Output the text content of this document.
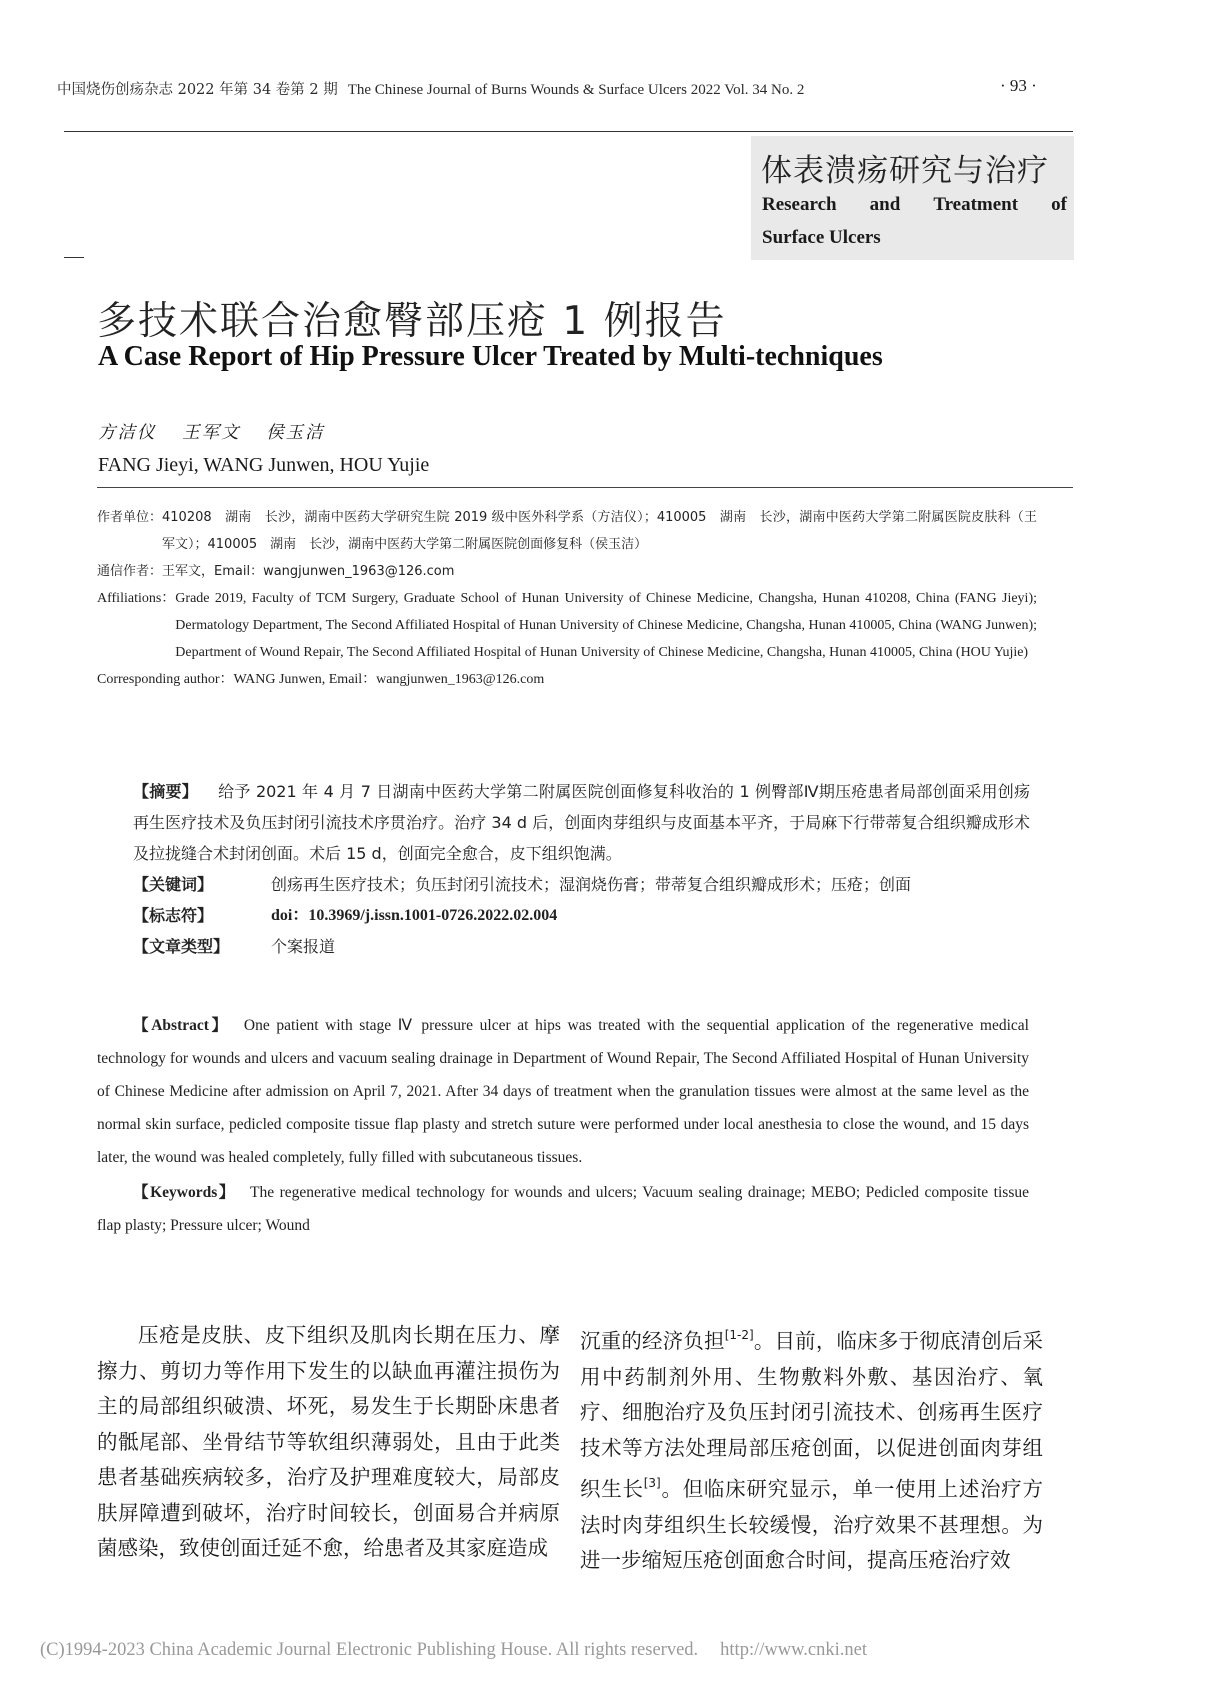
中国烧伤创疡杂志 2022 年第 34 卷第 2 期 The Chinese Journal of Burns Wounds & Surface Ulcers 2022 Vol. 34 No. 2	· 93 ·
体表溃疡研究与治疗
Research and Treatment of
Surface Ulcers
多技术联合治愈臀部压疮 1 例报告
A Case Report of Hip Pressure Ulcer Treated by Multi-techniques
方洁仪 王军文 侯玉洁
FANG Jieyi, WANG Junwen, HOU Yujie
作者单位： 410208　湖南　长沙，湖南中医药大学研究生院 2019 级中医外科学系（方洁仪）；410005　湖南　长沙，湖南中医药大学第二附属医院皮肤科（王军文）；410005　湖南　长沙，湖南中医药大学第二附属医院创面修复科（侯玉洁）
通信作者： 王军文，Email：wangjunwen_1963@126.com
Affiliations： Grade 2019, Faculty of TCM Surgery, Graduate School of Hunan University of Chinese Medicine, Changsha, Hunan 410208, China (FANG Jieyi); Dermatology Department, The Second Affiliated Hospital of Hunan University of Chinese Medicine, Changsha, Hunan 410005, China (WANG Junwen); Department of Wound Repair, The Second Affiliated Hospital of Hunan University of Chinese Medicine, Changsha, Hunan 410005, China (HOU Yujie)
Corresponding author： WANG Junwen, Email：wangjunwen_1963@126.com

【摘要】 给予 2021 年 4 月 7 日湖南中医药大学第二附属医院创面修复科收治的 1 例臀部Ⅳ期压疮患者局部创面采用创疡再生医疗技术及负压封闭引流技术序贯治疗。治疗 34 d 后，创面肉芽组织与皮面基本平齐，于局麻下行带蒂复合组织瓣成形术及拉拢缝合术封闭创面。术后 15 d，创面完全愈合，皮下组织饱满。

【关键词】	创疡再生医疗技术；负压封闭引流技术；湿润烧伤膏；带蒂复合组织瓣成形术；压疮；创面
【标志符】	doi：10.3969/j.issn.1001-0726.2022.02.004
【文章类型】	个案报道

【Abstract】 One patient with stage Ⅳ pressure ulcer at hips was treated with the sequential application of the regenerative medical technology for wounds and ulcers and vacuum sealing drainage in Department of Wound Repair, The Second Affiliated Hospital of Hunan University of Chinese Medicine after admission on April 7, 2021. After 34 days of treatment when the granulation tissues were almost at the same level as the normal skin surface, pedicled composite tissue flap plasty and stretch suture were performed under local anesthesia to close the wound, and 15 days later, the wound was healed completely, fully filled with subcutaneous tissues.

【Keywords】 The regenerative medical technology for wounds and ulcers; Vacuum sealing drainage; MEBO; Pedicled composite tissue flap plasty; Pressure ulcer; Wound

压疮是皮肤、皮下组织及肌肉长期在压力、摩擦力、剪切力等作用下发生的以缺血再灌注损伤为主的局部组织破溃、坏死，易发生于长期卧床患者的骶尾部、坐骨结节等软组织薄弱处，且由于此类患者基础疾病较多，治疗及护理难度较大，局部皮肤屏障遭到破坏，治疗时间较长，创面易合并病原菌感染，致使创面迁延不愈，给患者及其家庭造成

沉重的经济负担[1-2]。目前，临床多于彻底清创后采用中药制剂外用、生物敷料外敷、基因治疗、氧疗、细胞治疗及负压封闭引流技术、创疡再生医疗技术等方法处理局部压疮创面，以促进创面肉芽组织生长[3]。但临床研究显示，单一使用上述治疗方法时肉芽组织生长较缓慢，治疗效果不甚理想。为进一步缩短压疮创面愈合时间，提高压疮治疗效

(C)1994-2023 China Academic Journal Electronic Publishing House. All rights reserved. http://www.cnki.net
